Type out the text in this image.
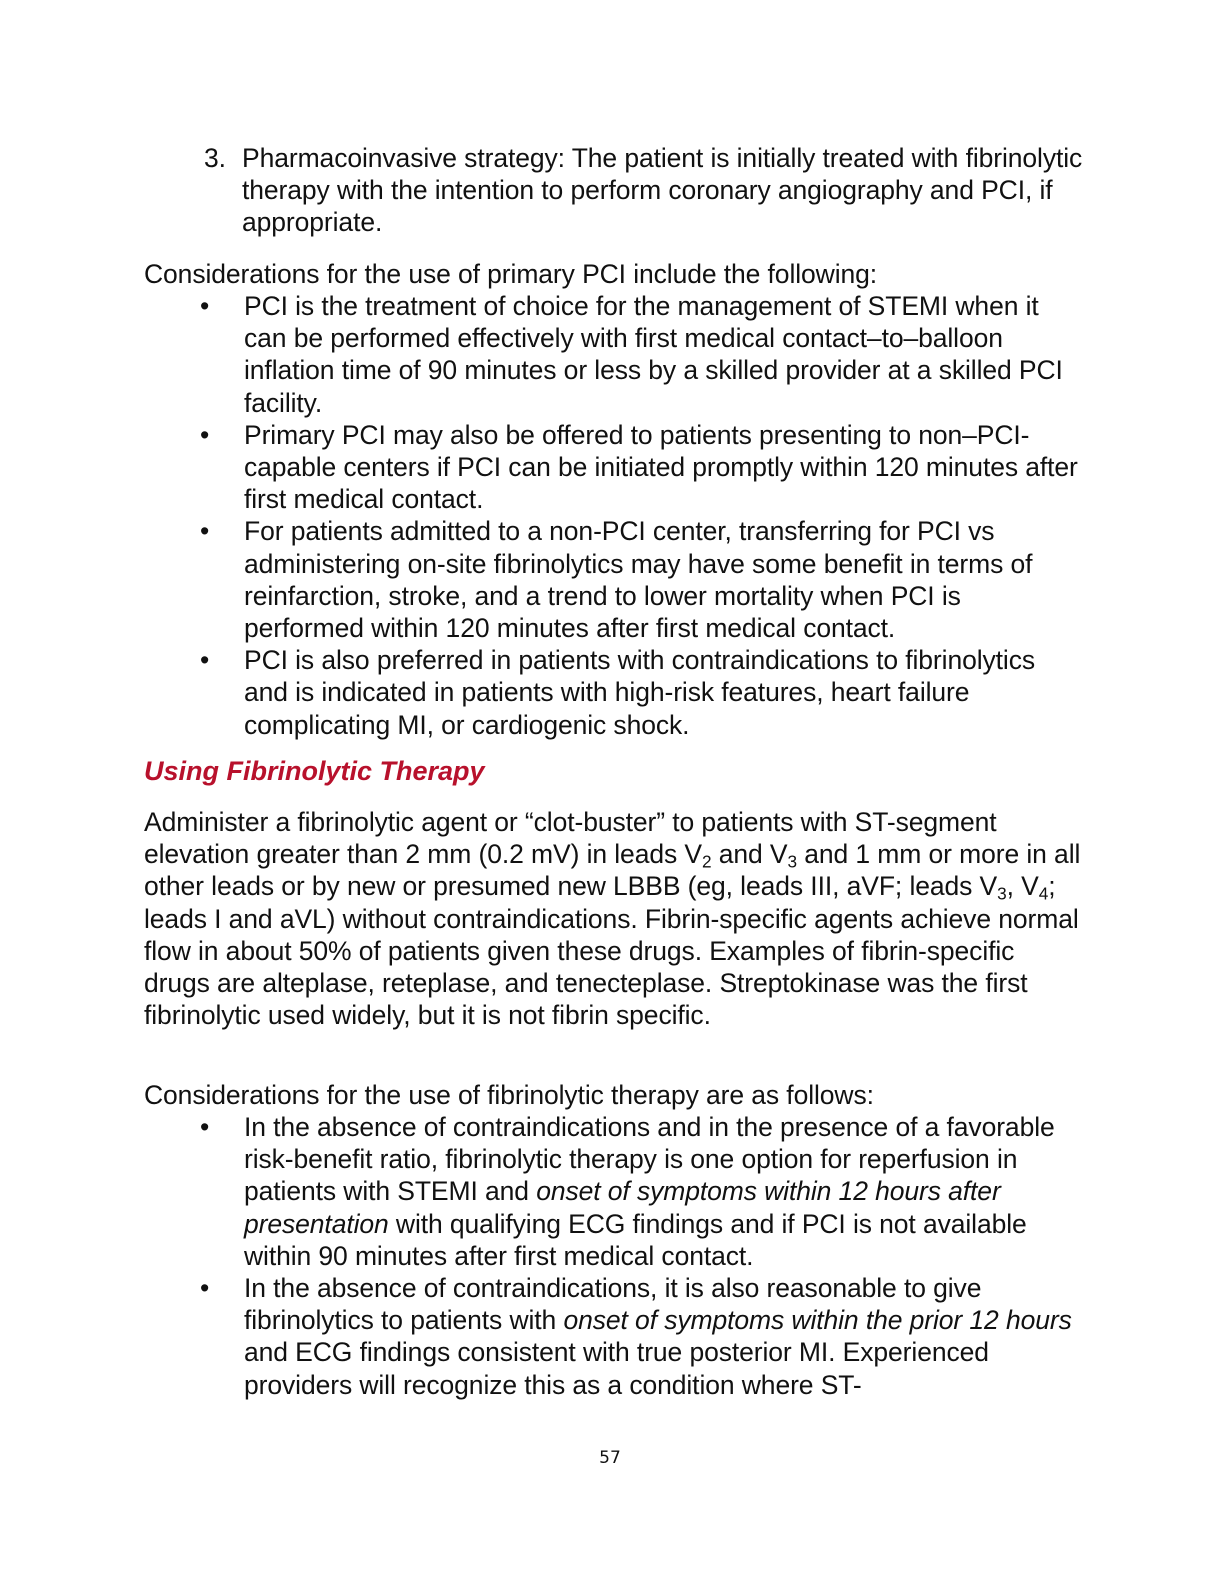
3. Pharmacoinvasive strategy: The patient is initially treated with fibrinolytic therapy with the intention to perform coronary angiography and PCI, if appropriate.
Considerations for the use of primary PCI include the following:
• PCI is the treatment of choice for the management of STEMI when it can be performed effectively with first medical contact–to–balloon inflation time of 90 minutes or less by a skilled provider at a skilled PCI facility.
• Primary PCI may also be offered to patients presenting to non–PCI-capable centers if PCI can be initiated promptly within 120 minutes after first medical contact.
• For patients admitted to a non-PCI center, transferring for PCI vs administering on-site fibrinolytics may have some benefit in terms of reinfarction, stroke, and a trend to lower mortality when PCI is performed within 120 minutes after first medical contact.
• PCI is also preferred in patients with contraindications to fibrinolytics and is indicated in patients with high-risk features, heart failure complicating MI, or cardiogenic shock.
Using Fibrinolytic Therapy
Administer a fibrinolytic agent or “clot-buster” to patients with ST-segment elevation greater than 2 mm (0.2 mV) in leads $V_2$ and $V_3$ and 1 mm or more in all other leads or by new or presumed new LBBB (eg, leads III, aVF; leads $V_3$, $V_4$; leads I and aVL) without contraindications. Fibrin-specific agents achieve normal flow in about 50% of patients given these drugs. Examples of fibrin-specific drugs are alteplase, reteplase, and tenecteplase. Streptokinase was the first fibrinolytic used widely, but it is not fibrin specific.
Considerations for the use of fibrinolytic therapy are as follows:
• In the absence of contraindications and in the presence of a favorable risk-benefit ratio, fibrinolytic therapy is one option for reperfusion in patients with STEMI and onset of symptoms within 12 hours after presentation with qualifying ECG findings and if PCI is not available within 90 minutes after first medical contact.
• In the absence of contraindications, it is also reasonable to give fibrinolytics to patients with onset of symptoms within the prior 12 hours and ECG findings consistent with true posterior MI. Experienced providers will recognize this as a condition where ST-
57
